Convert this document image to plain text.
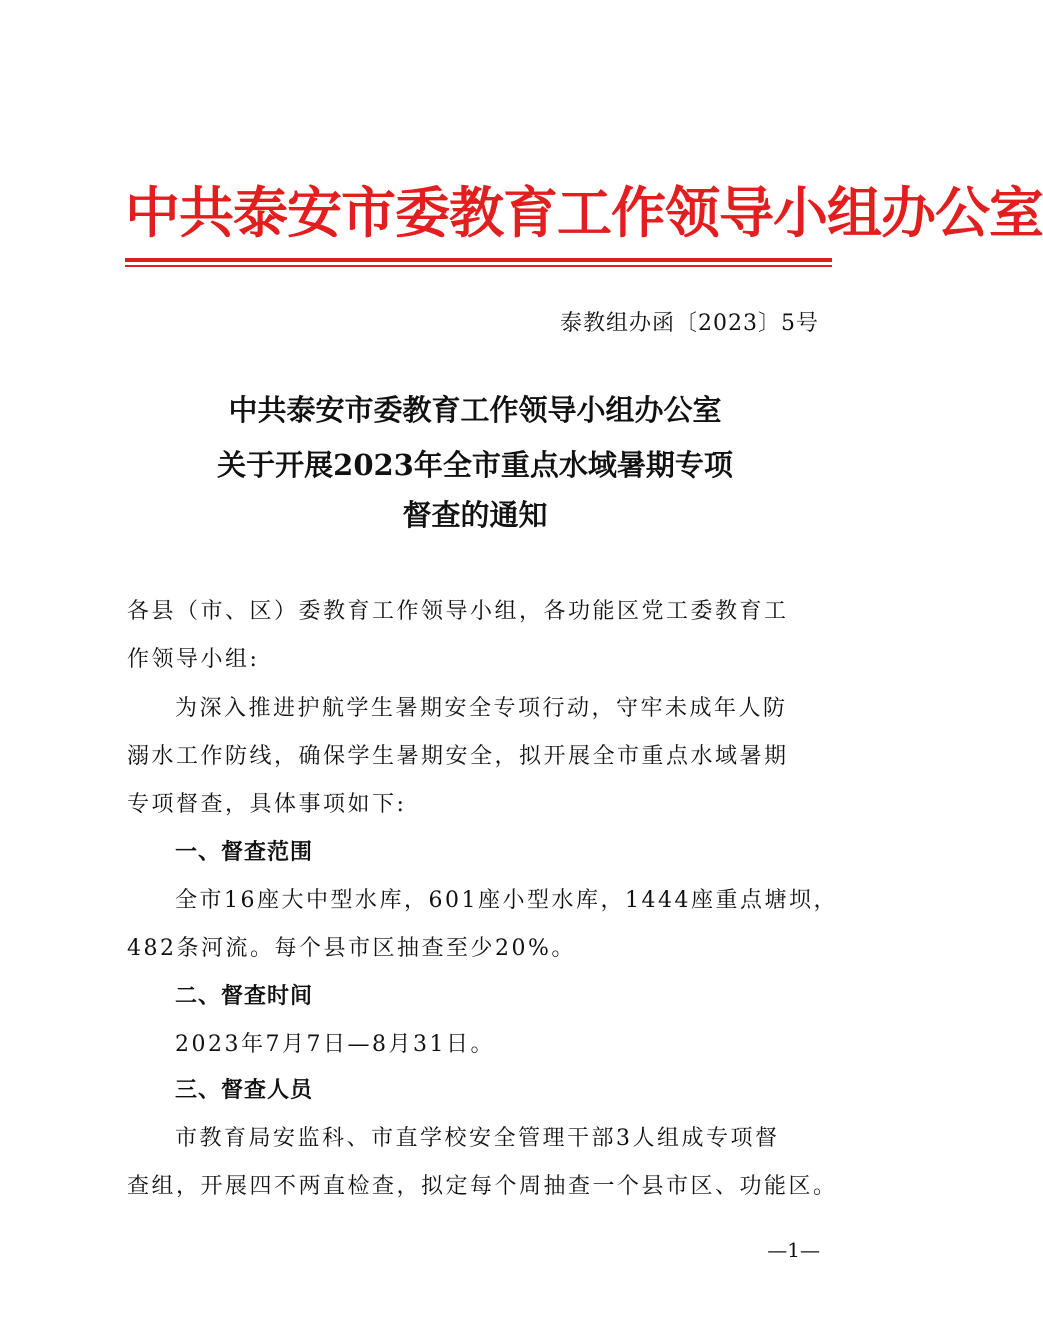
中共泰安市委教育工作领导小组办公室
泰教组办函〔2023〕5号
中共泰安市委教育工作领导小组办公室
关于开展2023年全市重点水域暑期专项
督查的通知
各县（市、区）委教育工作领导小组，各功能区党工委教育工
作领导小组:
为深入推进护航学生暑期安全专项行动，守牢未成年人防
溺水工作防线，确保学生暑期安全，拟开展全市重点水域暑期
专项督查，具体事项如下:
一、督查范围
全市16座大中型水库，601座小型水库，1444座重点塘坝，
482条河流。每个县市区抽查至少20%。
二、督查时间
2023年7月7日—8月31日。
三、督查人员
市教育局安监科、市直学校安全管理干部3人组成专项督
查组，开展四不两直检查，拟定每个周抽查一个县市区、功能区。
—1—
